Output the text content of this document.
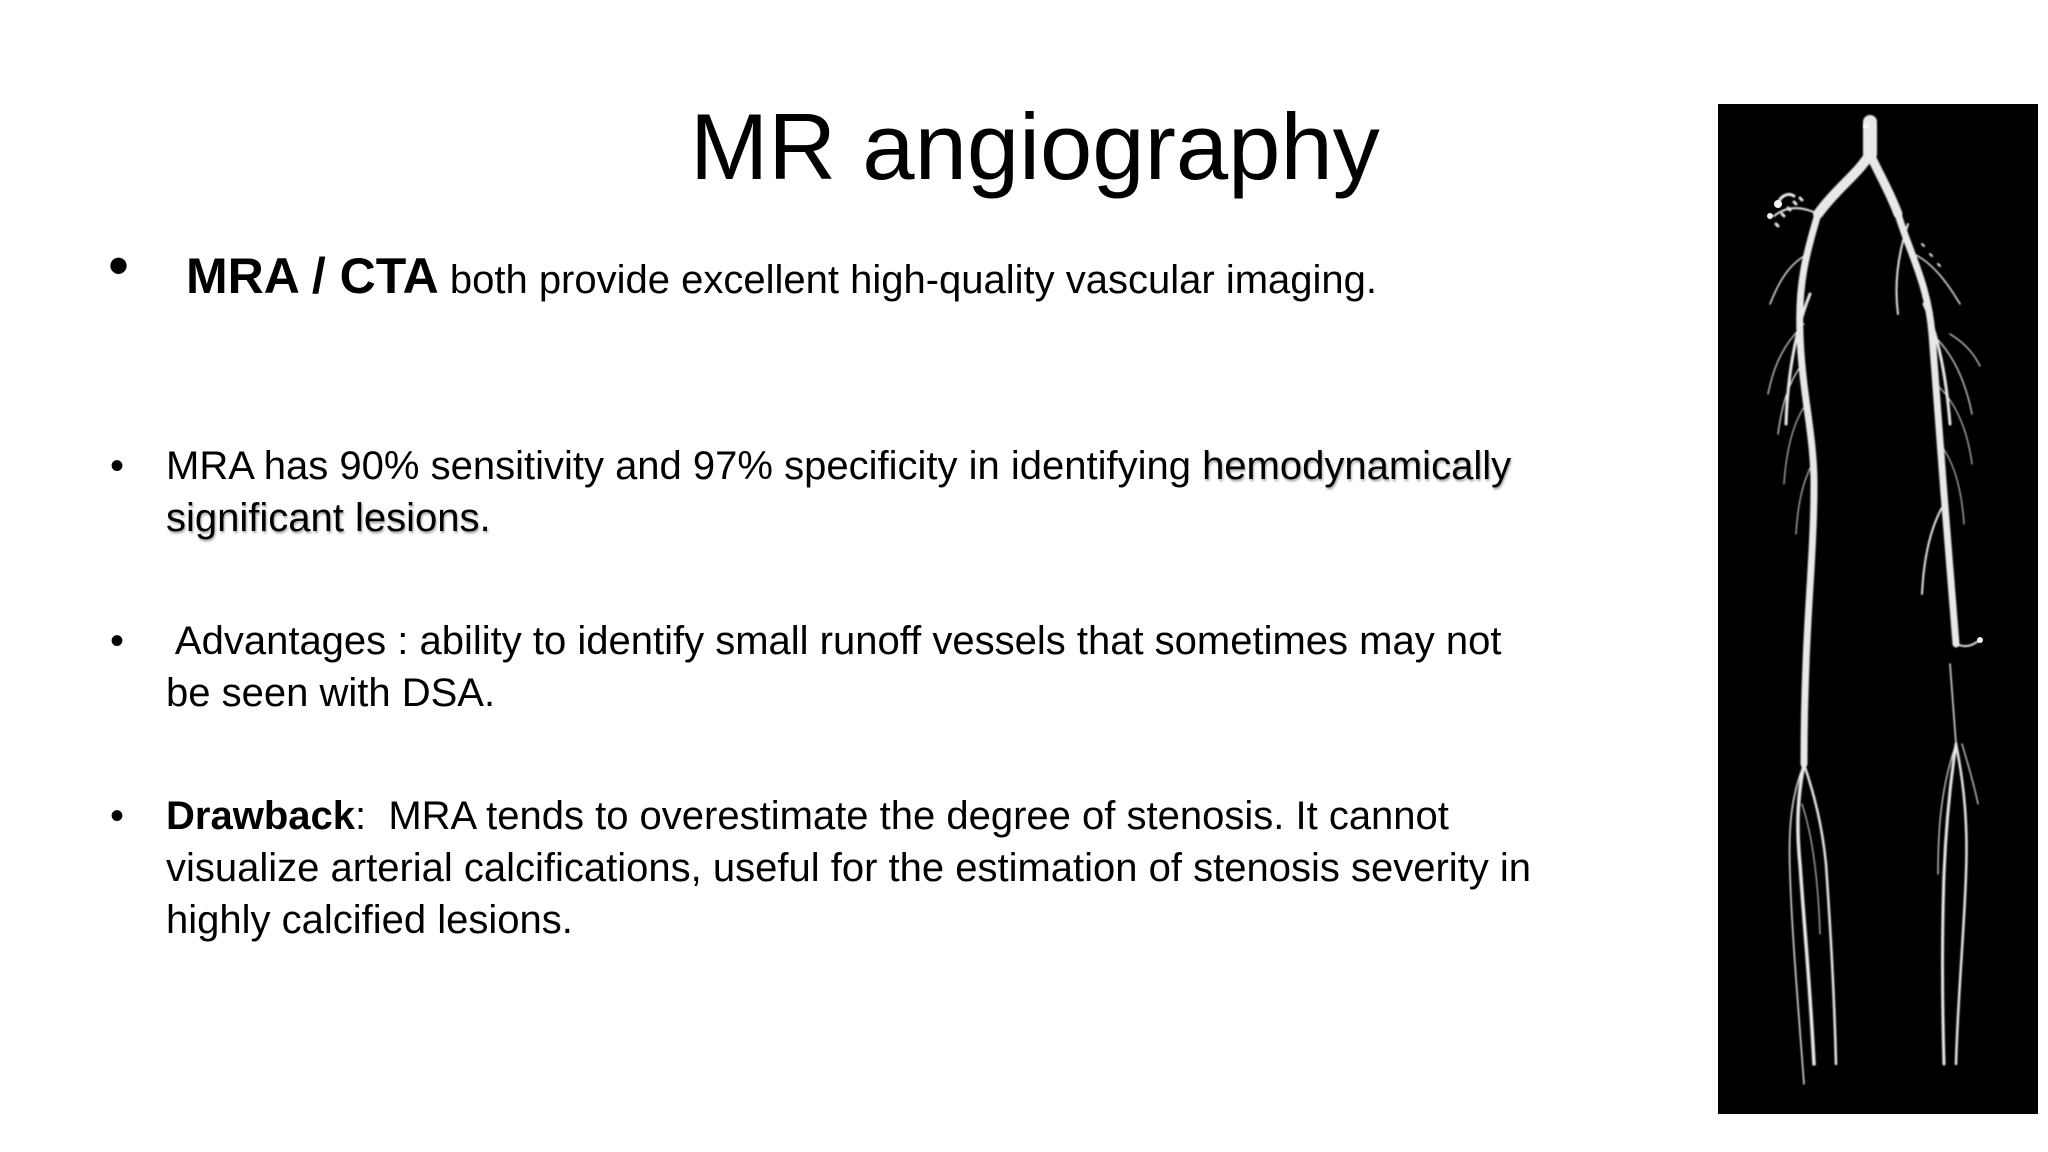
MR angiography
• MRA / CTA both provide excellent high-quality vascular imaging.
• MRA has 90% sensitivity and 97% specificity in identifying hemodynamically
significant lesions.
• Advantages : ability to identify small runoff vessels that sometimes may not
be seen with DSA.
• Drawback:  MRA tends to overestimate the degree of stenosis. It cannot
visualize arterial calcifications, useful for the estimation of stenosis severity in
highly calcified lesions.
